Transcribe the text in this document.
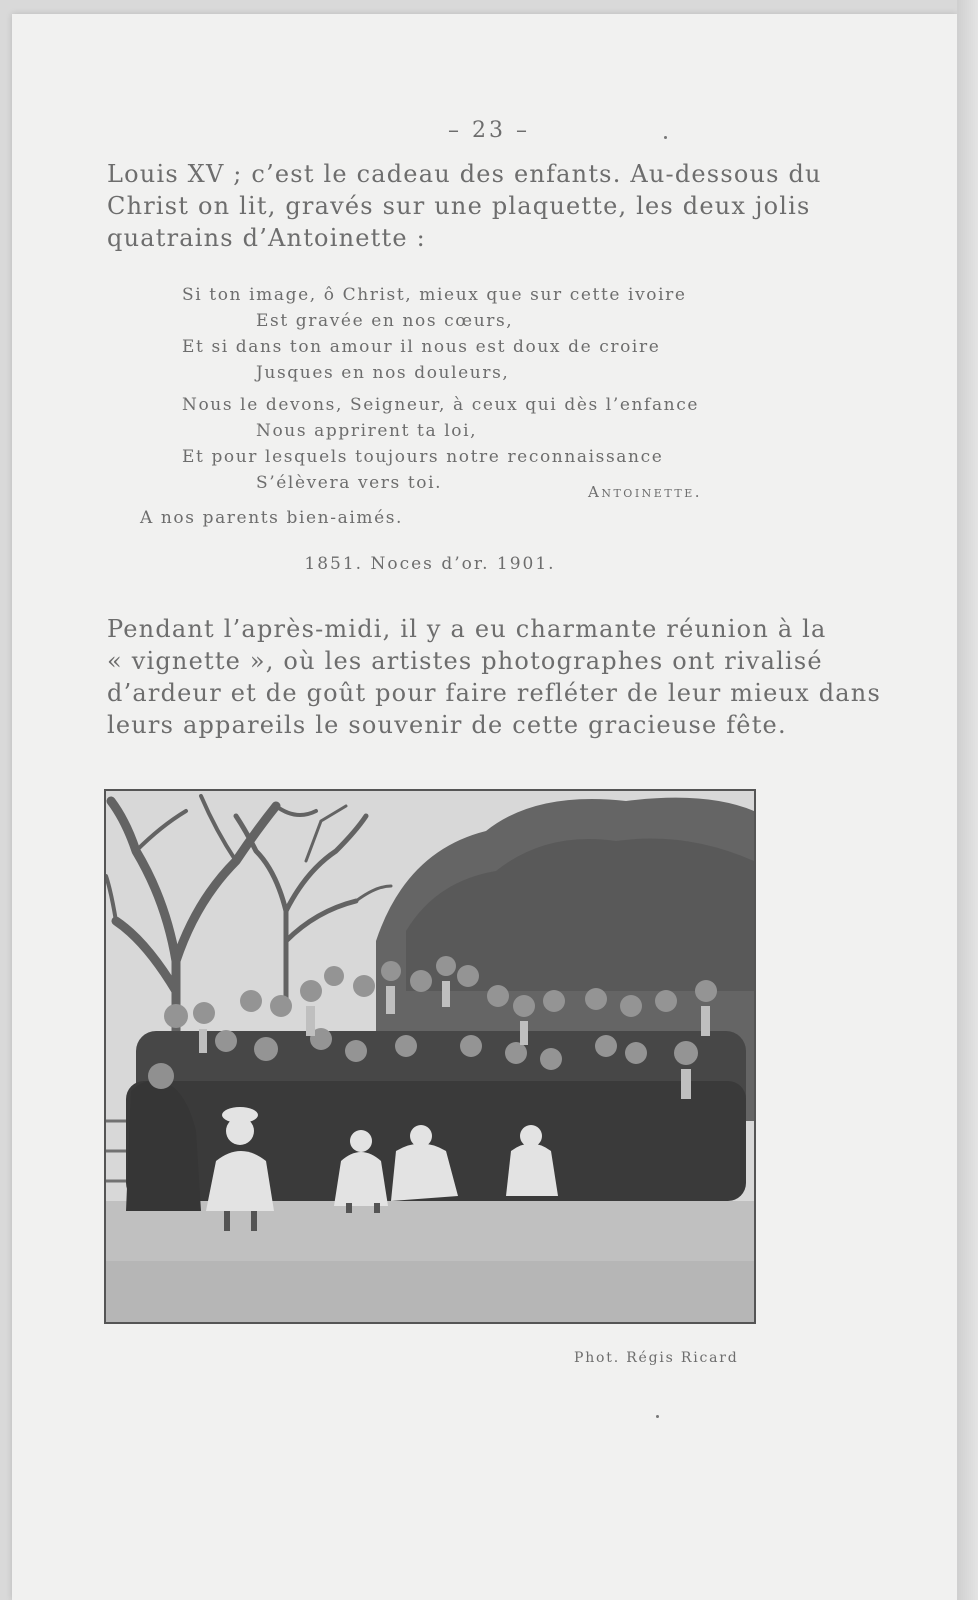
– 23 –
Louis XV ; c’est le cadeau des enfants. Au-dessous du
Christ on lit, gravés sur une plaquette, les deux jolis
quatrains d’Antoinette :
Si ton image, ô Christ, mieux que sur cette ivoire
Est gravée en nos cœurs,
Et si dans ton amour il nous est doux de croire
Jusques en nos douleurs,
Nous le devons, Seigneur, à ceux qui dès l’enfance
Nous apprirent ta loi,
Et pour lesquels toujours notre reconnaissance
S’élèvera vers toi.	Antoinette.
A nos parents bien-aimés.
1851. Noces d’or. 1901.
Pendant l’après-midi, il y a eu charmante réunion à la
« vignette », où les artistes photographes ont rivalisé
d’ardeur et de goût pour faire refléter de leur mieux dans
leurs appareils le souvenir de cette gracieuse fête.
Phot. Régis Ricard
